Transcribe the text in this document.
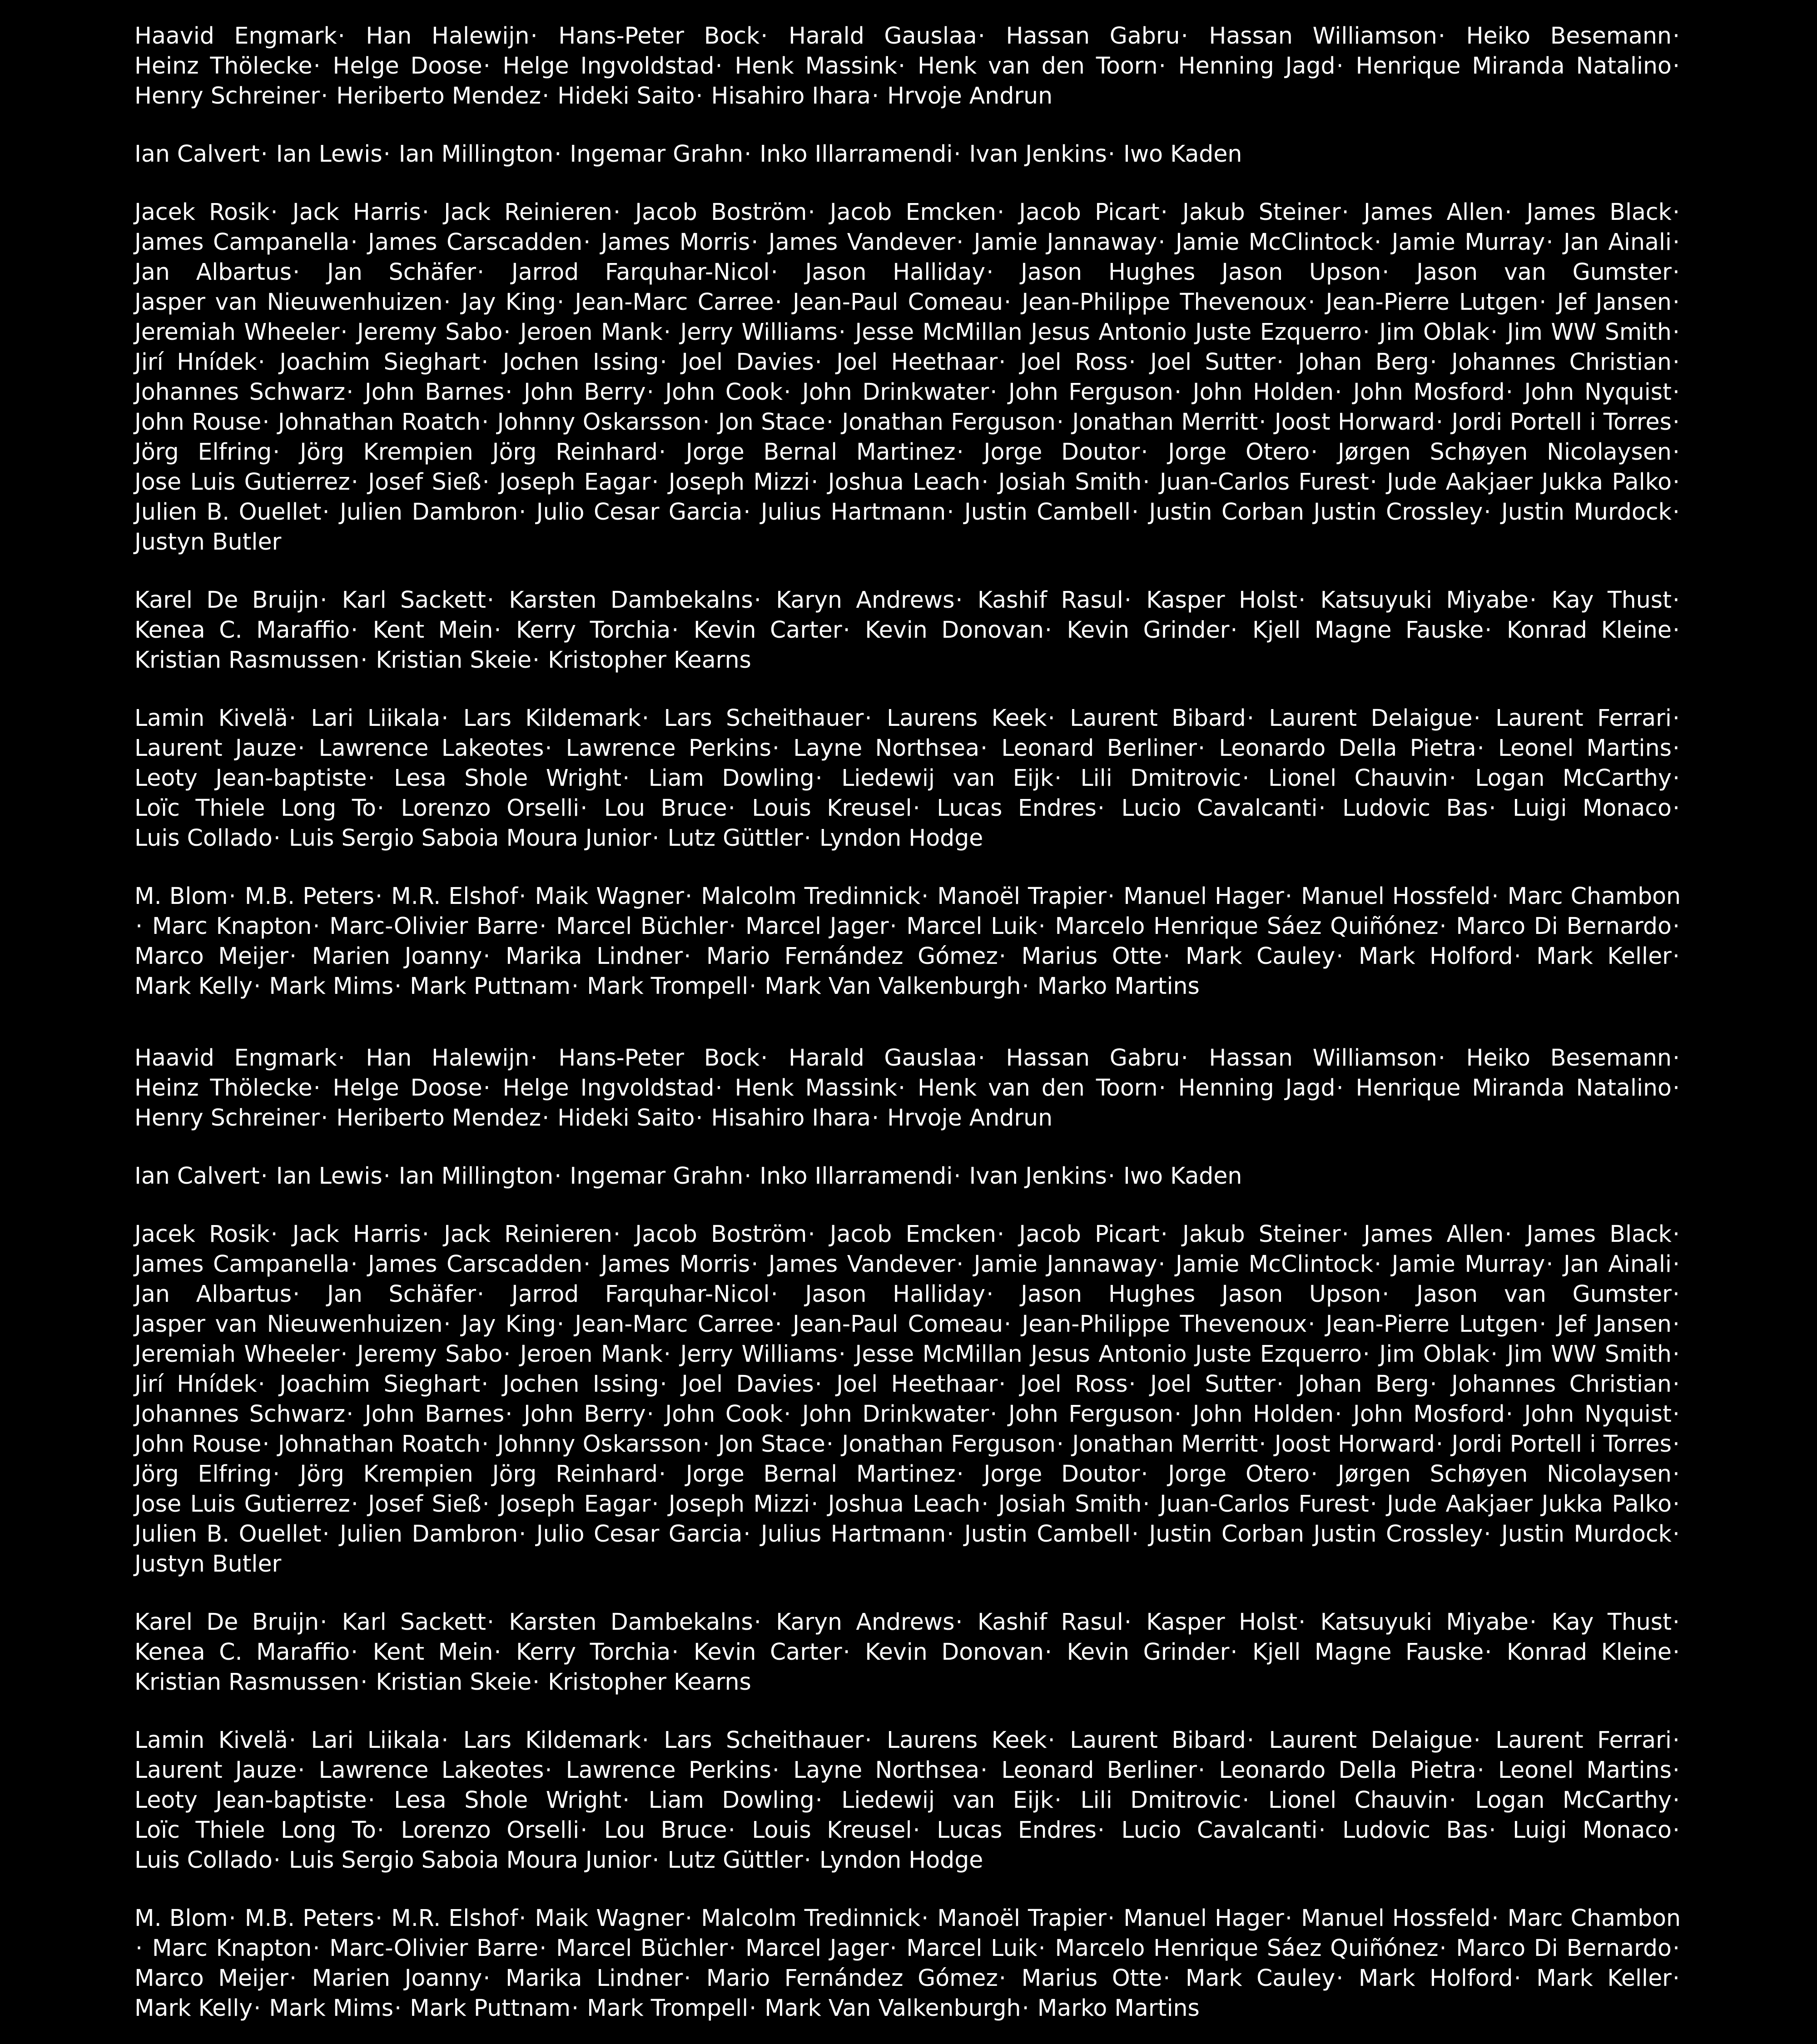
Haavid Engmark· Han Halewijn· Hans-Peter Bock· Harald Gauslaa· Hassan Gabru· Hassan Williamson· Heiko Besemann· Heinz Thölecke· Helge Doose· Helge Ingvoldstad· Henk Massink· Henk van den Toorn· Henning Jagd· Henrique Miranda Natalino· Henry Schreiner· Heriberto Mendez· Hideki Saito· Hisahiro Ihara· Hrvoje Andrun

Ian Calvert· Ian Lewis· Ian Millington· Ingemar Grahn· Inko Illarramendi· Ivan Jenkins· Iwo Kaden

Jacek Rosik· Jack Harris· Jack Reinieren· Jacob Boström· Jacob Emcken· Jacob Picart· Jakub Steiner· James Allen· James Black· James Campanella· James Carscadden· James Morris· James Vandever· Jamie Jannaway· Jamie McClintock· Jamie Murray· Jan Ainali· Jan Albartus· Jan Schäfer· Jarrod Farquhar-Nicol· Jason Halliday· Jason Hughes Jason Upson· Jason van Gumster· Jasper van Nieuwenhuizen· Jay King· Jean-Marc Carree· Jean-Paul Comeau· Jean-Philippe Thevenoux· Jean-Pierre Lutgen· Jef Jansen· Jeremiah Wheeler· Jeremy Sabo· Jeroen Mank· Jerry Williams· Jesse McMillan Jesus Antonio Juste Ezquerro· Jim Oblak· Jim WW Smith· Jirí Hnídek· Joachim Sieghart· Jochen Issing· Joel Davies· Joel Heethaar· Joel Ross· Joel Sutter· Johan Berg· Johannes Christian· Johannes Schwarz· John Barnes· John Berry· John Cook· John Drinkwater· John Ferguson· John Holden· John Mosford· John Nyquist· John Rouse· Johnathan Roatch· Johnny Oskarsson· Jon Stace· Jonathan Ferguson· Jonathan Merritt· Joost Horward· Jordi Portell i Torres· Jörg Elfring· Jörg Krempien Jörg Reinhard· Jorge Bernal Martinez· Jorge Doutor· Jorge Otero· Jørgen Schøyen Nicolaysen· Jose Luis Gutierrez· Josef Sieß· Joseph Eagar· Joseph Mizzi· Joshua Leach· Josiah Smith· Juan-Carlos Furest· Jude Aakjaer Jukka Palko· Julien B. Ouellet· Julien Dambron· Julio Cesar Garcia· Julius Hartmann· Justin Cambell· Justin Corban Justin Crossley· Justin Murdock· Justyn Butler

Karel De Bruijn· Karl Sackett· Karsten Dambekalns· Karyn Andrews· Kashif Rasul· Kasper Holst· Katsuyuki Miyabe· Kay Thust· Kenea C. Maraffio· Kent Mein· Kerry Torchia· Kevin Carter· Kevin Donovan· Kevin Grinder· Kjell Magne Fauske· Konrad Kleine· Kristian Rasmussen· Kristian Skeie· Kristopher Kearns

Lamin Kivelä· Lari Liikala· Lars Kildemark· Lars Scheithauer· Laurens Keek· Laurent Bibard· Laurent Delaigue· Laurent Ferrari· Laurent Jauze· Lawrence Lakeotes· Lawrence Perkins· Layne Northsea· Leonard Berliner· Leonardo Della Pietra· Leonel Martins· Leoty Jean-baptiste· Lesa Shole Wright· Liam Dowling· Liedewij van Eijk· Lili Dmitrovic· Lionel Chauvin· Logan McCarthy· Loïc Thiele Long To· Lorenzo Orselli· Lou Bruce· Louis Kreusel· Lucas Endres· Lucio Cavalcanti· Ludovic Bas· Luigi Monaco· Luis Collado· Luis Sergio Saboia Moura Junior· Lutz Güttler· Lyndon Hodge

M. Blom· M.B. Peters· M.R. Elshof· Maik Wagner· Malcolm Tredinnick· Manoël Trapier· Manuel Hager· Manuel Hossfeld· Marc Chambon· Marc Knapton· Marc-Olivier Barre· Marcel Büchler· Marcel Jager· Marcel Luik· Marcelo Henrique Sáez Quiñónez· Marco Di Bernardo· Marco Meijer· Marien Joanny· Marika Lindner· Mario Fernández Gómez· Marius Otte· Mark Cauley· Mark Holford· Mark Keller· Mark Kelly· Mark Mims· Mark Puttnam· Mark Trompell· Mark Van Valkenburgh· Marko Martins

Haavid Engmark· Han Halewijn· Hans-Peter Bock· Harald Gauslaa· Hassan Gabru· Hassan Williamson· Heiko Besemann· Heinz Thölecke· Helge Doose· Helge Ingvoldstad· Henk Massink· Henk van den Toorn· Henning Jagd· Henrique Miranda Natalino· Henry Schreiner· Heriberto Mendez· Hideki Saito· Hisahiro Ihara· Hrvoje Andrun

Ian Calvert· Ian Lewis· Ian Millington· Ingemar Grahn· Inko Illarramendi· Ivan Jenkins· Iwo Kaden

Jacek Rosik· Jack Harris· Jack Reinieren· Jacob Boström· Jacob Emcken· Jacob Picart· Jakub Steiner· James Allen· James Black· James Campanella· James Carscadden· James Morris· James Vandever· Jamie Jannaway· Jamie McClintock· Jamie Murray· Jan Ainali· Jan Albartus· Jan Schäfer· Jarrod Farquhar-Nicol· Jason Halliday· Jason Hughes Jason Upson· Jason van Gumster· Jasper van Nieuwenhuizen· Jay King· Jean-Marc Carree· Jean-Paul Comeau· Jean-Philippe Thevenoux· Jean-Pierre Lutgen· Jef Jansen· Jeremiah Wheeler· Jeremy Sabo· Jeroen Mank· Jerry Williams· Jesse McMillan Jesus Antonio Juste Ezquerro· Jim Oblak· Jim WW Smith· Jirí Hnídek· Joachim Sieghart· Jochen Issing· Joel Davies· Joel Heethaar· Joel Ross· Joel Sutter· Johan Berg· Johannes Christian· Johannes Schwarz· John Barnes· John Berry· John Cook· John Drinkwater· John Ferguson· John Holden· John Mosford· John Nyquist· John Rouse· Johnathan Roatch· Johnny Oskarsson· Jon Stace· Jonathan Ferguson· Jonathan Merritt· Joost Horward· Jordi Portell i Torres· Jörg Elfring· Jörg Krempien Jörg Reinhard· Jorge Bernal Martinez· Jorge Doutor· Jorge Otero· Jørgen Schøyen Nicolaysen· Jose Luis Gutierrez· Josef Sieß· Joseph Eagar· Joseph Mizzi· Joshua Leach· Josiah Smith· Juan-Carlos Furest· Jude Aakjaer Jukka Palko· Julien B. Ouellet· Julien Dambron· Julio Cesar Garcia· Julius Hartmann· Justin Cambell· Justin Corban Justin Crossley· Justin Murdock· Justyn Butler

Karel De Bruijn· Karl Sackett· Karsten Dambekalns· Karyn Andrews· Kashif Rasul· Kasper Holst· Katsuyuki Miyabe· Kay Thust· Kenea C. Maraffio· Kent Mein· Kerry Torchia· Kevin Carter· Kevin Donovan· Kevin Grinder· Kjell Magne Fauske· Konrad Kleine· Kristian Rasmussen· Kristian Skeie· Kristopher Kearns

Lamin Kivelä· Lari Liikala· Lars Kildemark· Lars Scheithauer· Laurens Keek· Laurent Bibard· Laurent Delaigue· Laurent Ferrari· Laurent Jauze· Lawrence Lakeotes· Lawrence Perkins· Layne Northsea· Leonard Berliner· Leonardo Della Pietra· Leonel Martins· Leoty Jean-baptiste· Lesa Shole Wright· Liam Dowling· Liedewij van Eijk· Lili Dmitrovic· Lionel Chauvin· Logan McCarthy· Loïc Thiele Long To· Lorenzo Orselli· Lou Bruce· Louis Kreusel· Lucas Endres· Lucio Cavalcanti· Ludovic Bas· Luigi Monaco· Luis Collado· Luis Sergio Saboia Moura Junior· Lutz Güttler· Lyndon Hodge

M. Blom· M.B. Peters· M.R. Elshof· Maik Wagner· Malcolm Tredinnick· Manoël Trapier· Manuel Hager· Manuel Hossfeld· Marc Chambon· Marc Knapton· Marc-Olivier Barre· Marcel Büchler· Marcel Jager· Marcel Luik· Marcelo Henrique Sáez Quiñónez· Marco Di Bernardo· Marco Meijer· Marien Joanny· Marika Lindner· Mario Fernández Gómez· Marius Otte· Mark Cauley· Mark Holford· Mark Keller· Mark Kelly· Mark Mims· Mark Puttnam· Mark Trompell· Mark Van Valkenburgh· Marko Martins
